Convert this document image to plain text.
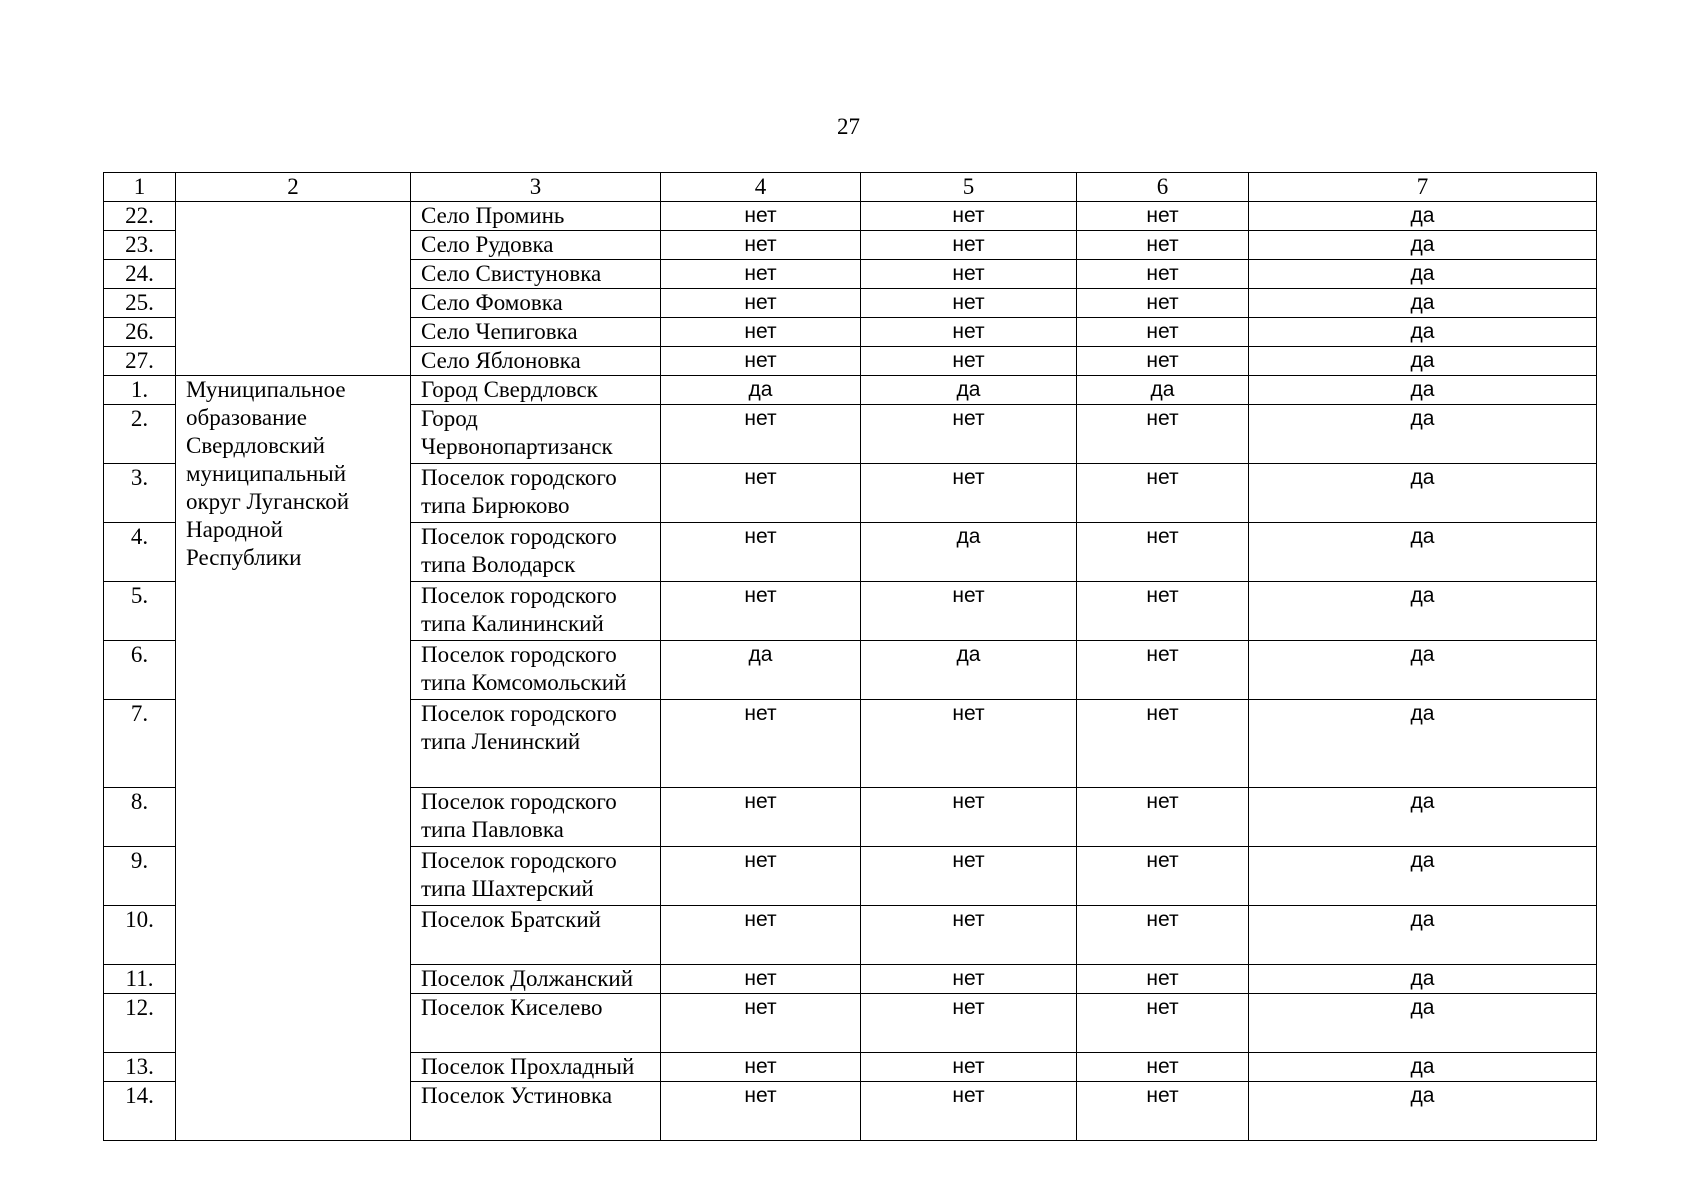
27
1	2	3	4	5	6	7
22.		Село Проминь	нет	нет	нет	да
23.		Село Рудовка	нет	нет	нет	да
24.		Село Свистуновка	нет	нет	нет	да
25.		Село Фомовка	нет	нет	нет	да
26.		Село Чепиговка	нет	нет	нет	да
27.		Село Яблоновка	нет	нет	нет	да
1.	Муниципальное образование Свердловский муниципальный округ Луганской Народной Республики	Город Свердловск	да	да	да	да
2.		Город Червонопартизанск	нет	нет	нет	да
3.		Поселок городского типа Бирюково	нет	нет	нет	да
4.		Поселок городского типа Володарск	нет	да	нет	да
5.		Поселок городского типа Калининский	нет	нет	нет	да
6.		Поселок городского типа Комсомольский	да	да	нет	да
7.		Поселок городского типа Ленинский	нет	нет	нет	да
8.		Поселок городского типа Павловка	нет	нет	нет	да
9.		Поселок городского типа Шахтерский	нет	нет	нет	да
10.		Поселок Братский	нет	нет	нет	да
11.		Поселок Должанский	нет	нет	нет	да
12.		Поселок Киселево	нет	нет	нет	да
13.		Поселок Прохладный	нет	нет	нет	да
14.		Поселок Устиновка	нет	нет	нет	да
